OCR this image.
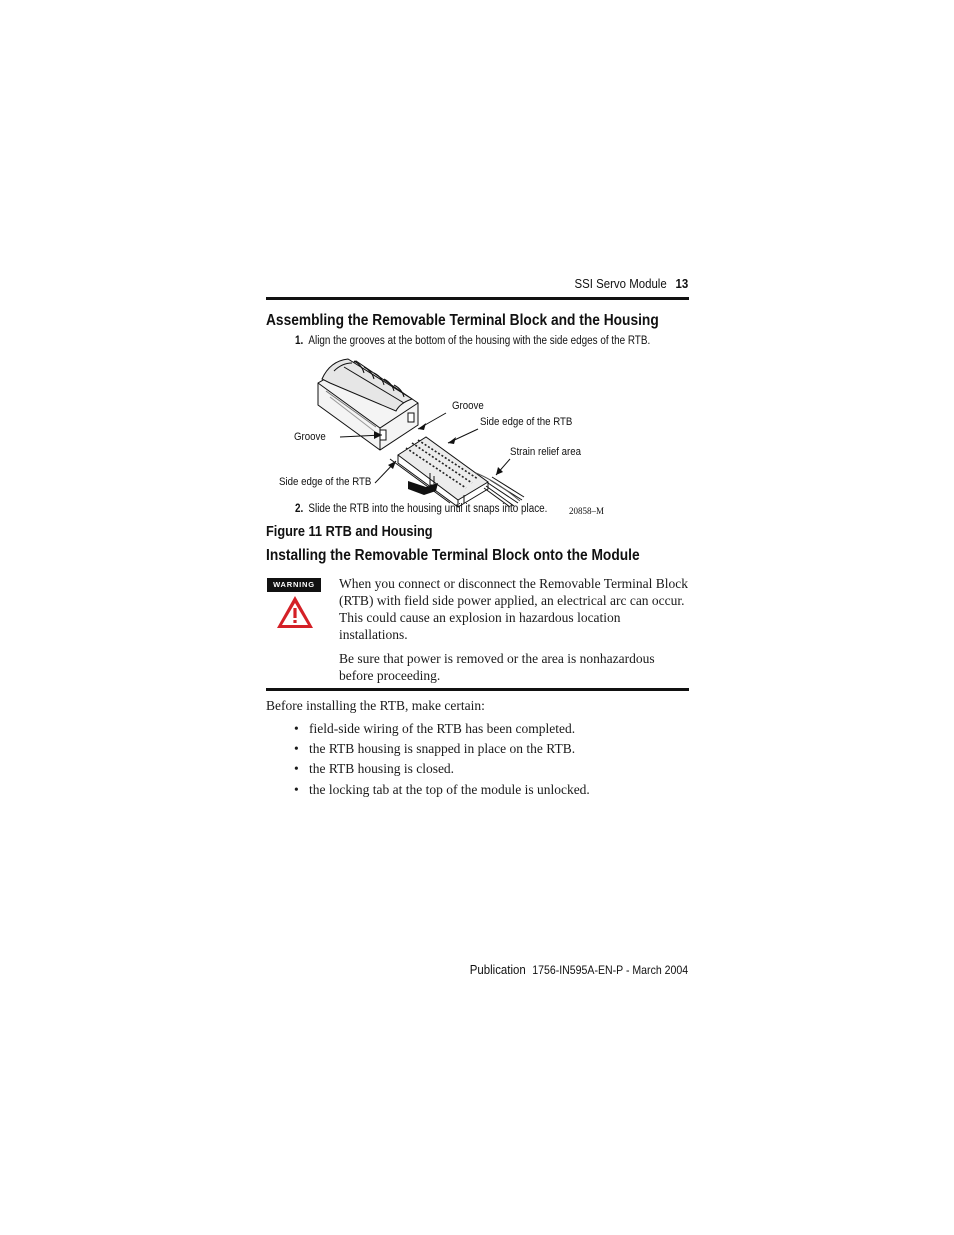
SSI Servo Module 13
Assembling the Removable Terminal Block and the Housing
1. Align the grooves at the bottom of the housing with the side edges of the RTB.
Groove
Side edge of the RTB
Groove
Strain relief area
Side edge of the RTB
2. Slide the RTB into the housing until it snaps into place. 20858–M
Figure 11 RTB and Housing
Installing the Removable Terminal Block onto the Module
WARNING	When you connect or disconnect the Removable Terminal Block
(RTB) with field side power applied, an electrical arc can occur.
This could cause an explosion in hazardous location
installations.
Be sure that power is removed or the area is nonhazardous
before proceeding.
Before installing the RTB, make certain:
• field-side wiring of the RTB has been completed.
• the RTB housing is snapped in place on the RTB.
• the RTB housing is closed.
• the locking tab at the top of the module is unlocked.
Publication 1756-IN595A-EN-P - March 2004
